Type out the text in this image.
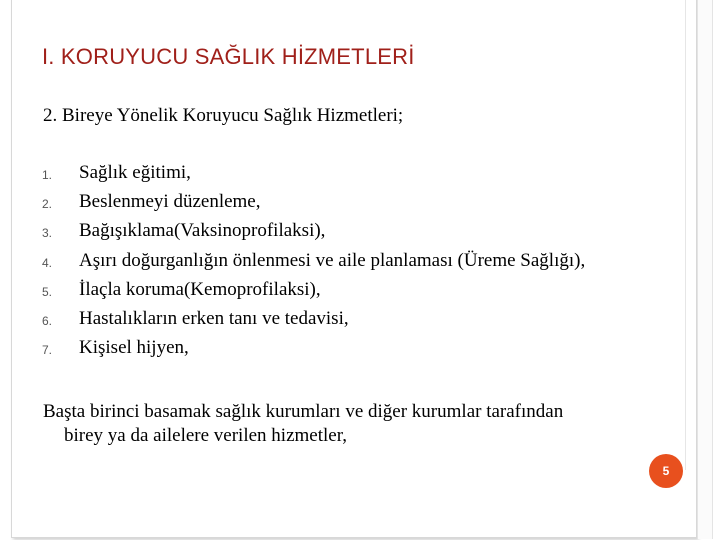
I. KORUYUCU SAĞLIK HİZMETLERİ
2. Bireye Yönelik Koruyucu Sağlık Hizmetleri;
1. Sağlık eğitimi,
2. Beslenmeyi düzenleme,
3. Bağışıklama(Vaksinoprofilaksi),
4. Aşırı doğurganlığın önlenmesi ve aile planlaması (Üreme Sağlığı),
5. İlaçla koruma(Kemoprofilaksi),
6. Hastalıkların erken tanı ve tedavisi,
7. Kişisel hijyen,
Başta birinci basamak sağlık kurumları ve diğer kurumlar tarafından
birey ya da ailelere verilen hizmetler,
5
